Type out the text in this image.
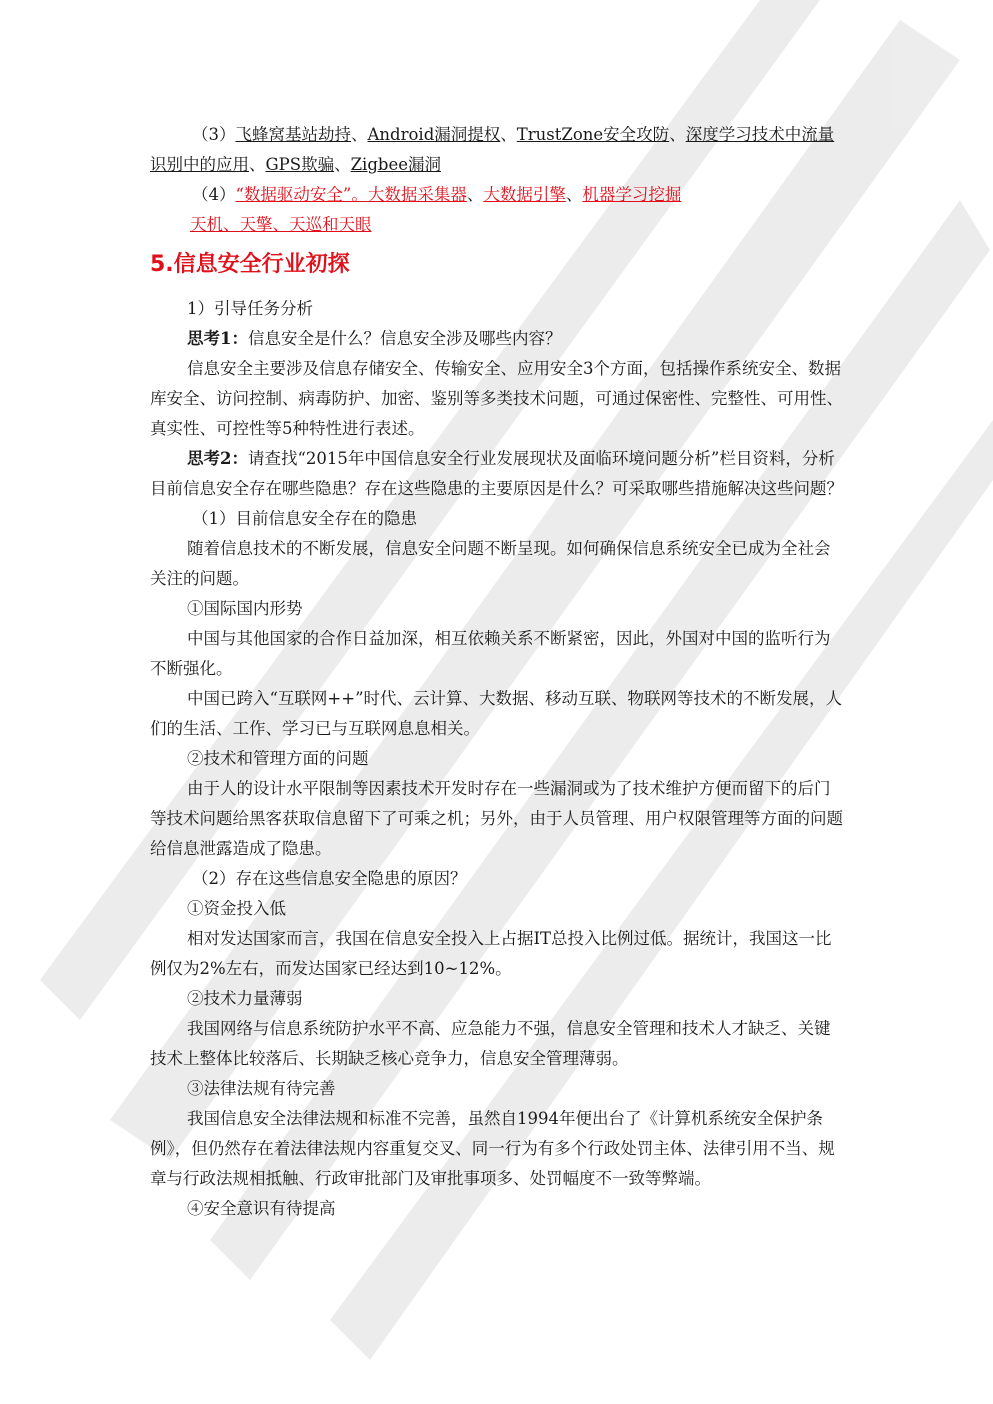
（3）飞蜂窝基站劫持、Android漏洞提权、TrustZone安全攻防、深度学习技术中流量

识别中的应用、GPS欺骗、Zigbee漏洞

（4）“数据驱动安全”。大数据采集器、大数据引擎、机器学习挖掘

天机、天擎、天巡和天眼

5.信息安全行业初探

1）引导任务分析

思考1：信息安全是什么？信息安全涉及哪些内容？

信息安全主要涉及信息存储安全、传输安全、应用安全3个方面，包括操作系统安全、数据库安全、访问控制、病毒防护、加密、鉴别等多类技术问题，可通过保密性、完整性、可用性、真实性、可控性等5种特性进行表述。

思考2：请查找“2015年中国信息安全行业发展现状及面临环境问题分析”栏目资料，分析目前信息安全存在哪些隐患？存在这些隐患的主要原因是什么？可采取哪些措施解决这些问题？

（1）目前信息安全存在的隐患

随着信息技术的不断发展，信息安全问题不断呈现。如何确保信息系统安全已成为全社会关注的问题。

①国际国内形势

中国与其他国家的合作日益加深，相互依赖关系不断紧密，因此，外国对中国的监听行为不断强化。

中国已跨入“互联网++”时代、云计算、大数据、移动互联、物联网等技术的不断发展，人们的生活、工作、学习已与互联网息息相关。

②技术和管理方面的问题

由于人的设计水平限制等因素技术开发时存在一些漏洞或为了技术维护方便而留下的后门等技术问题给黑客获取信息留下了可乘之机；另外，由于人员管理、用户权限管理等方面的问题给信息泄露造成了隐患。

（2）存在这些信息安全隐患的原因？

①资金投入低

相对发达国家而言，我国在信息安全投入上占据IT总投入比例过低。据统计，我国这一比例仅为2%左右，而发达国家已经达到10~12%。

②技术力量薄弱

我国网络与信息系统防护水平不高、应急能力不强，信息安全管理和技术人才缺乏、关键技术上整体比较落后、长期缺乏核心竞争力，信息安全管理薄弱。

③法律法规有待完善

我国信息安全法律法规和标准不完善，虽然自1994年便出台了《计算机系统安全保护条例》，但仍然存在着法律法规内容重复交叉、同一行为有多个行政处罚主体、法律引用不当、规章与行政法规相抵触、行政审批部门及审批事项多、处罚幅度不一致等弊端。

④安全意识有待提高
